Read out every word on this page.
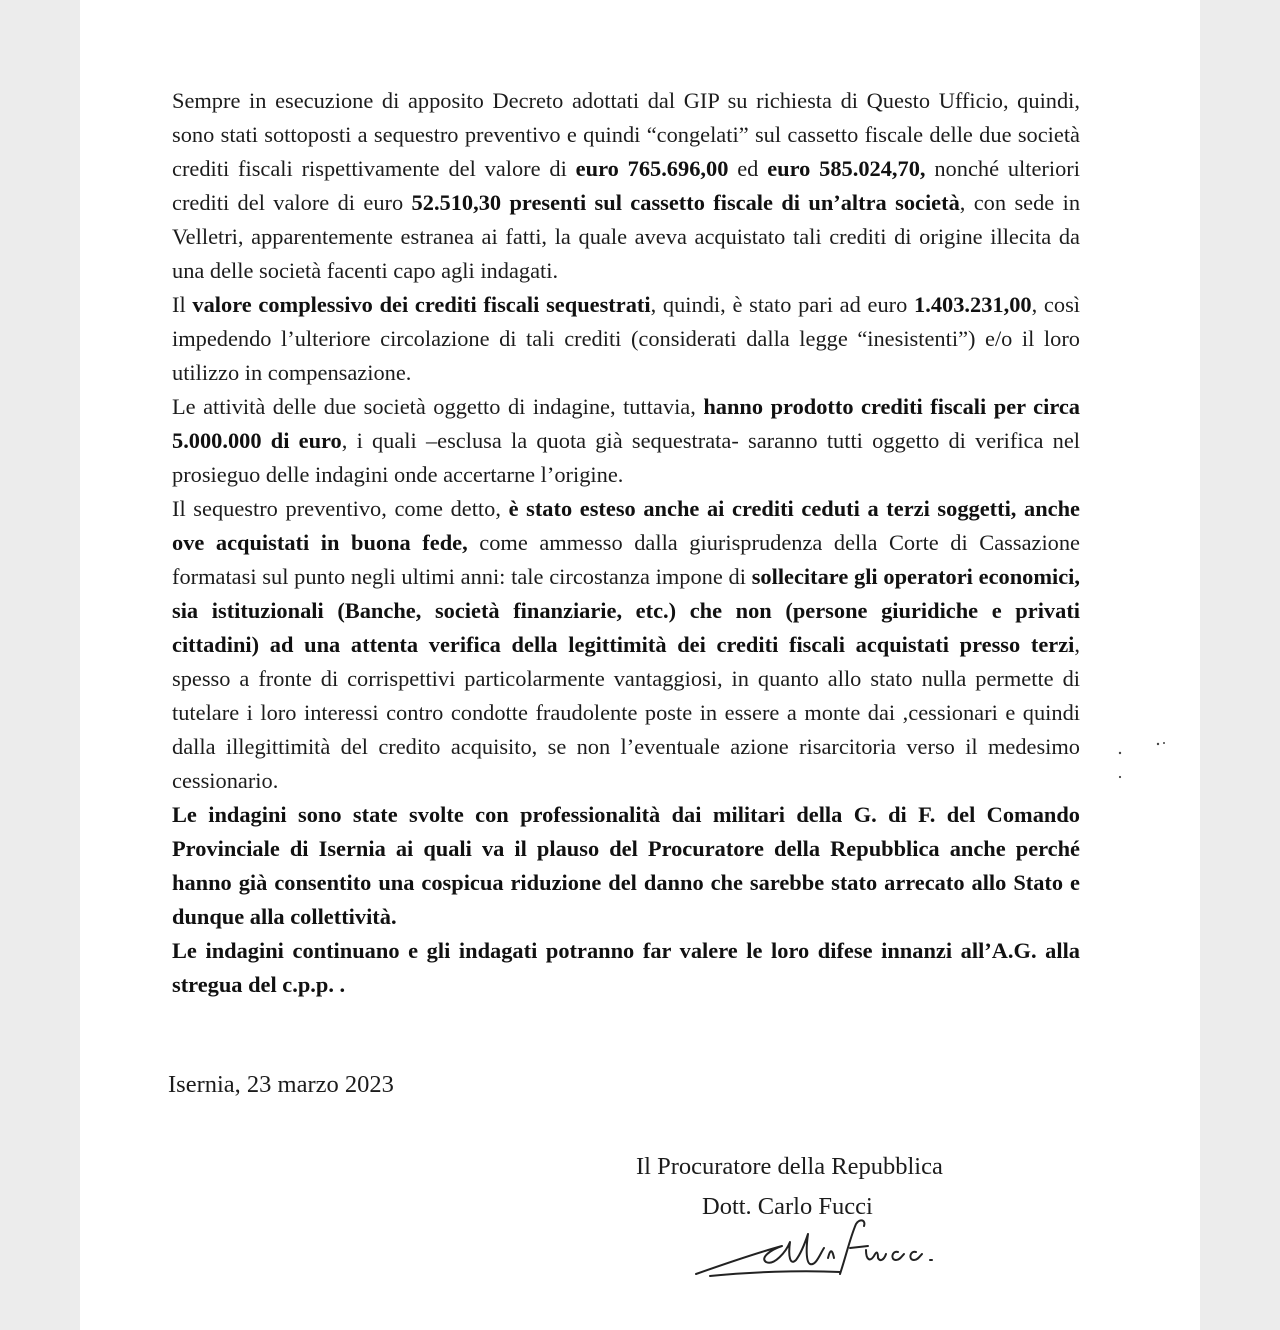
Sempre in esecuzione di apposito Decreto adottati dal GIP su richiesta di Questo Ufficio, quindi, sono stati sottoposti a sequestro preventivo e quindi “congelati” sul cassetto fiscale delle due società crediti fiscali rispettivamente del valore di euro 765.696,00 ed euro 585.024,70, nonché ulteriori crediti del valore di euro 52.510,30 presenti sul cassetto fiscale di un’altra società, con sede in Velletri, apparentemente estranea ai fatti, la quale aveva acquistato tali crediti di origine illecita da una delle società facenti capo agli indagati.

Il valore complessivo dei crediti fiscali sequestrati, quindi, è stato pari ad euro 1.403.231,00, così impedendo l’ulteriore circolazione di tali crediti (considerati dalla legge “inesistenti”) e/o il loro utilizzo in compensazione.

Le attività delle due società oggetto di indagine, tuttavia, hanno prodotto crediti fiscali per circa 5.000.000 di euro, i quali –esclusa la quota già sequestrata- saranno tutti oggetto di verifica nel prosieguo delle indagini onde accertarne l’origine.

Il sequestro preventivo, come detto, è stato esteso anche ai crediti ceduti a terzi soggetti, anche ove acquistati in buona fede, come ammesso dalla giurisprudenza della Corte di Cassazione formatasi sul punto negli ultimi anni: tale circostanza impone di sollecitare gli operatori economici, sia istituzionali (Banche, società finanziarie, etc.) che non (persone giuridiche e privati cittadini) ad una attenta verifica della legittimità dei crediti fiscali acquistati presso terzi, spesso a fronte di corrispettivi particolarmente vantaggiosi, in quanto allo stato nulla permette di tutelare i loro interessi contro condotte fraudolente poste in essere a monte dai ,cessionari e quindi dalla illegittimità del credito acquisito, se non l’eventuale azione risarcitoria verso il medesimo cessionario.

Le indagini sono state svolte con professionalità dai militari della G. di F. del Comando Provinciale di Isernia ai quali va il plauso del Procuratore della Repubblica anche perché hanno già consentito una cospicua riduzione del danno che sarebbe stato arrecato allo Stato e dunque alla collettività.

Le indagini continuano e gli indagati potranno far valere le loro difese innanzi all’A.G. alla stregua del c.p.p. .

Isernia, 23 marzo 2023
Il Procuratore della Repubblica
Dott. Carlo Fucci
